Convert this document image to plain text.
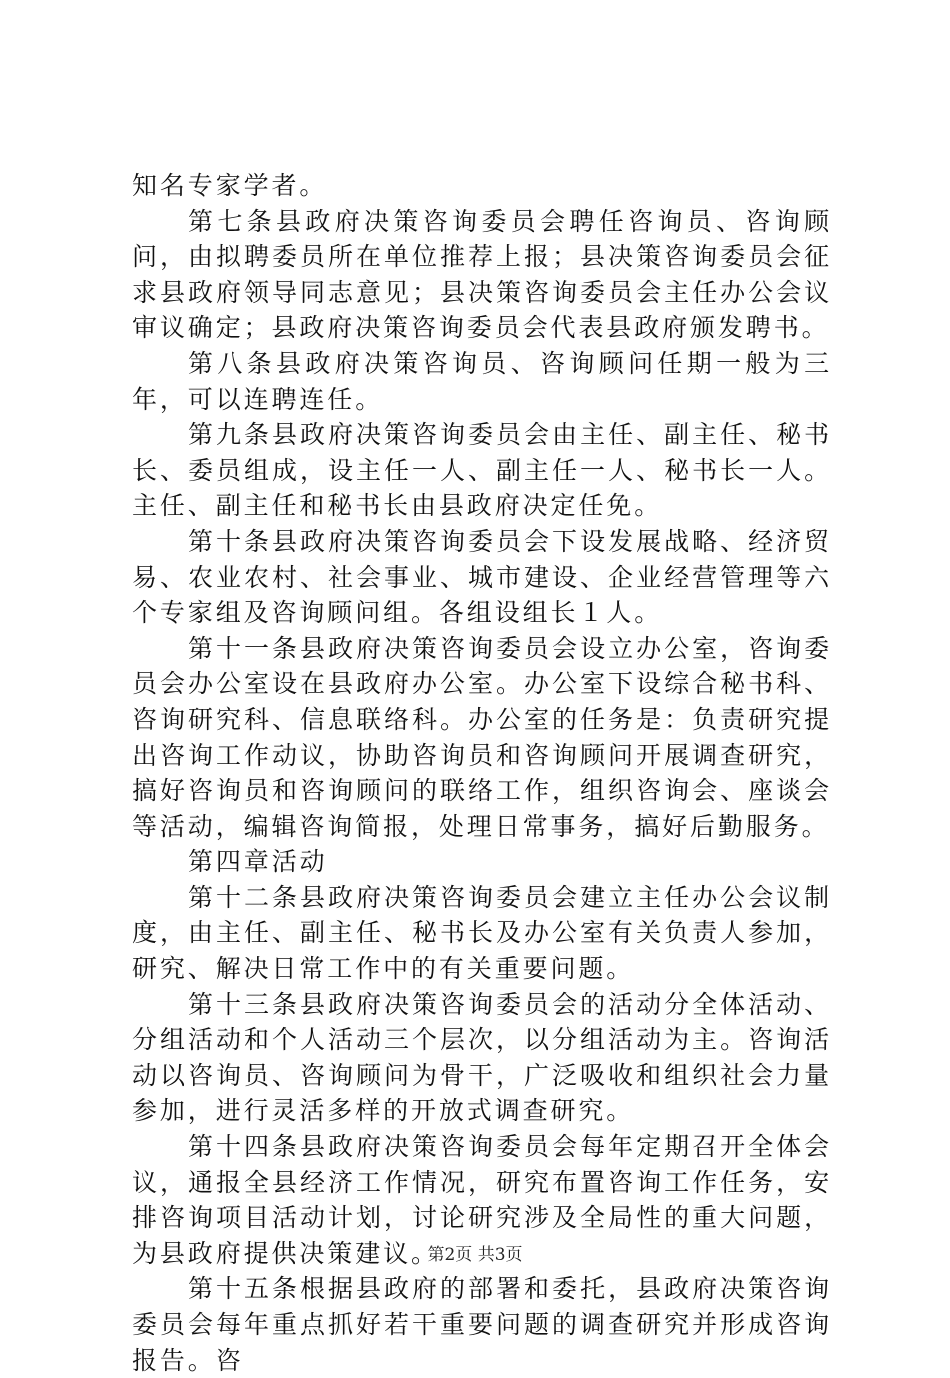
知名专家学者。

第七条县政府决策咨询委员会聘任咨询员、咨询顾问，由拟聘委员所在单位推荐上报；县决策咨询委员会征求县政府领导同志意见；县决策咨询委员会主任办公会议审议确定；县政府决策咨询委员会代表县政府颁发聘书。

第八条县政府决策咨询员、咨询顾问任期一般为三年，可以连聘连任。

第九条县政府决策咨询委员会由主任、副主任、秘书长、委员组成，设主任一人、副主任一人、秘书长一人。主任、副主任和秘书长由县政府决定任免。

第十条县政府决策咨询委员会下设发展战略、经济贸易、农业农村、社会事业、城市建设、企业经营管理等六个专家组及咨询顾问组。各组设组长１人。

第十一条县政府决策咨询委员会设立办公室，咨询委员会办公室设在县政府办公室。办公室下设综合秘书科、咨询研究科、信息联络科。办公室的任务是：负责研究提出咨询工作动议，协助咨询员和咨询顾问开展调查研究，搞好咨询员和咨询顾问的联络工作，组织咨询会、座谈会等活动，编辑咨询简报，处理日常事务，搞好后勤服务。

第四章活动

第十二条县政府决策咨询委员会建立主任办公会议制度，由主任、副主任、秘书长及办公室有关负责人参加，研究、解决日常工作中的有关重要问题。

第十三条县政府决策咨询委员会的活动分全体活动、分组活动和个人活动三个层次，以分组活动为主。咨询活动以咨询员、咨询顾问为骨干，广泛吸收和组织社会力量参加，进行灵活多样的开放式调查研究。

第十四条县政府决策咨询委员会每年定期召开全体会议，通报全县经济工作情况，研究布置咨询工作任务，安排咨询项目活动计划，讨论研究涉及全局性的重大问题，为县政府提供决策建议。

第十五条根据县政府的部署和委托，县政府决策咨询委员会每年重点抓好若干重要问题的调查研究并形成咨询报告。咨

第2页 共3页
